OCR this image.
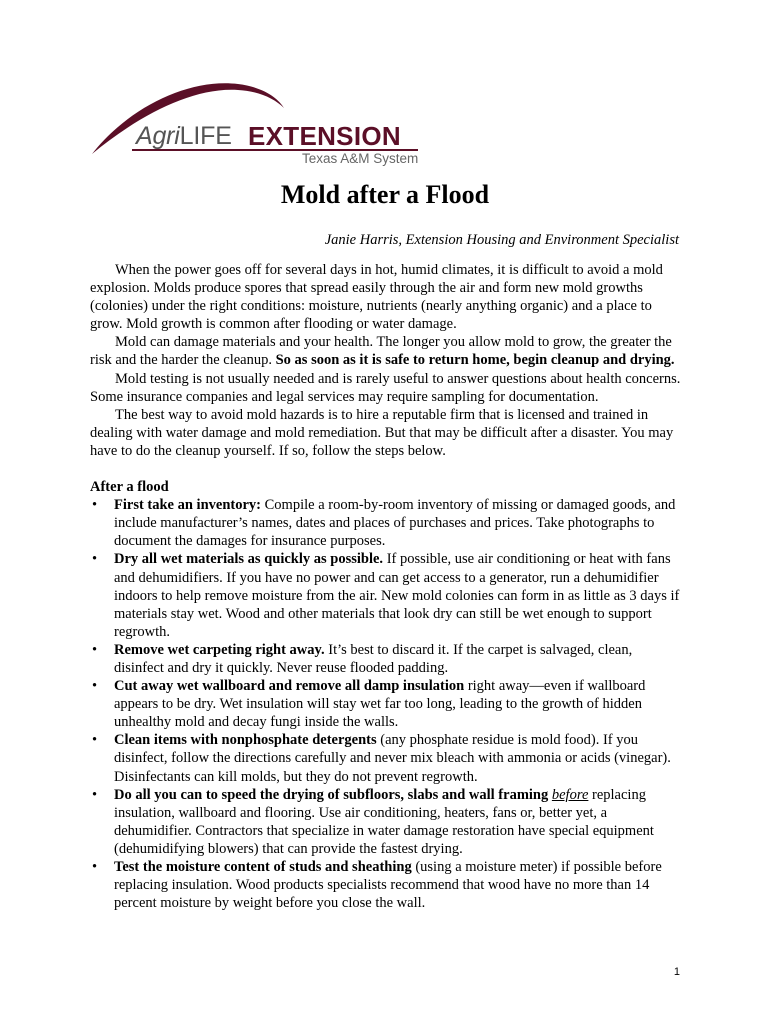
AgriLIFE EXTENSION
Texas A&M System
Mold after a Flood
Janie Harris, Extension Housing and Environment Specialist

When the power goes off for several days in hot, humid climates, it is difficult to avoid a mold explosion. Molds produce spores that spread easily through the air and form new mold growths (colonies) under the right conditions: moisture, nutrients (nearly anything organic) and a place to grow. Mold growth is common after flooding or water damage.

Mold can damage materials and your health. The longer you allow mold to grow, the greater the risk and the harder the cleanup. So as soon as it is safe to return home, begin cleanup and drying.

Mold testing is not usually needed and is rarely useful to answer questions about health concerns. Some insurance companies and legal services may require sampling for documentation.

The best way to avoid mold hazards is to hire a reputable firm that is licensed and trained in dealing with water damage and mold remediation. But that may be difficult after a disaster. You may have to do the cleanup yourself. If so, follow the steps below.

After a flood
• First take an inventory: Compile a room-by-room inventory of missing or damaged goods, and include manufacturer’s names, dates and places of purchases and prices. Take photographs to document the damages for insurance purposes.
• Dry all wet materials as quickly as possible. If possible, use air conditioning or heat with fans and dehumidifiers. If you have no power and can get access to a generator, run a dehumidifier indoors to help remove moisture from the air. New mold colonies can form in as little as 3 days if materials stay wet. Wood and other materials that look dry can still be wet enough to support regrowth.
• Remove wet carpeting right away. It’s best to discard it. If the carpet is salvaged, clean, disinfect and dry it quickly. Never reuse flooded padding.
• Cut away wet wallboard and remove all damp insulation right away—even if wallboard appears to be dry. Wet insulation will stay wet far too long, leading to the growth of hidden unhealthy mold and decay fungi inside the walls.
• Clean items with nonphosphate detergents (any phosphate residue is mold food). If you disinfect, follow the directions carefully and never mix bleach with ammonia or acids (vinegar). Disinfectants can kill molds, but they do not prevent regrowth.
• Do all you can to speed the drying of subfloors, slabs and wall framing before replacing insulation, wallboard and flooring. Use air conditioning, heaters, fans or, better yet, a dehumidifier. Contractors that specialize in water damage restoration have special equipment (dehumidifying blowers) that can provide the fastest drying.
• Test the moisture content of studs and sheathing (using a moisture meter) if possible before replacing insulation. Wood products specialists recommend that wood have no more than 14 percent moisture by weight before you close the wall.
1
